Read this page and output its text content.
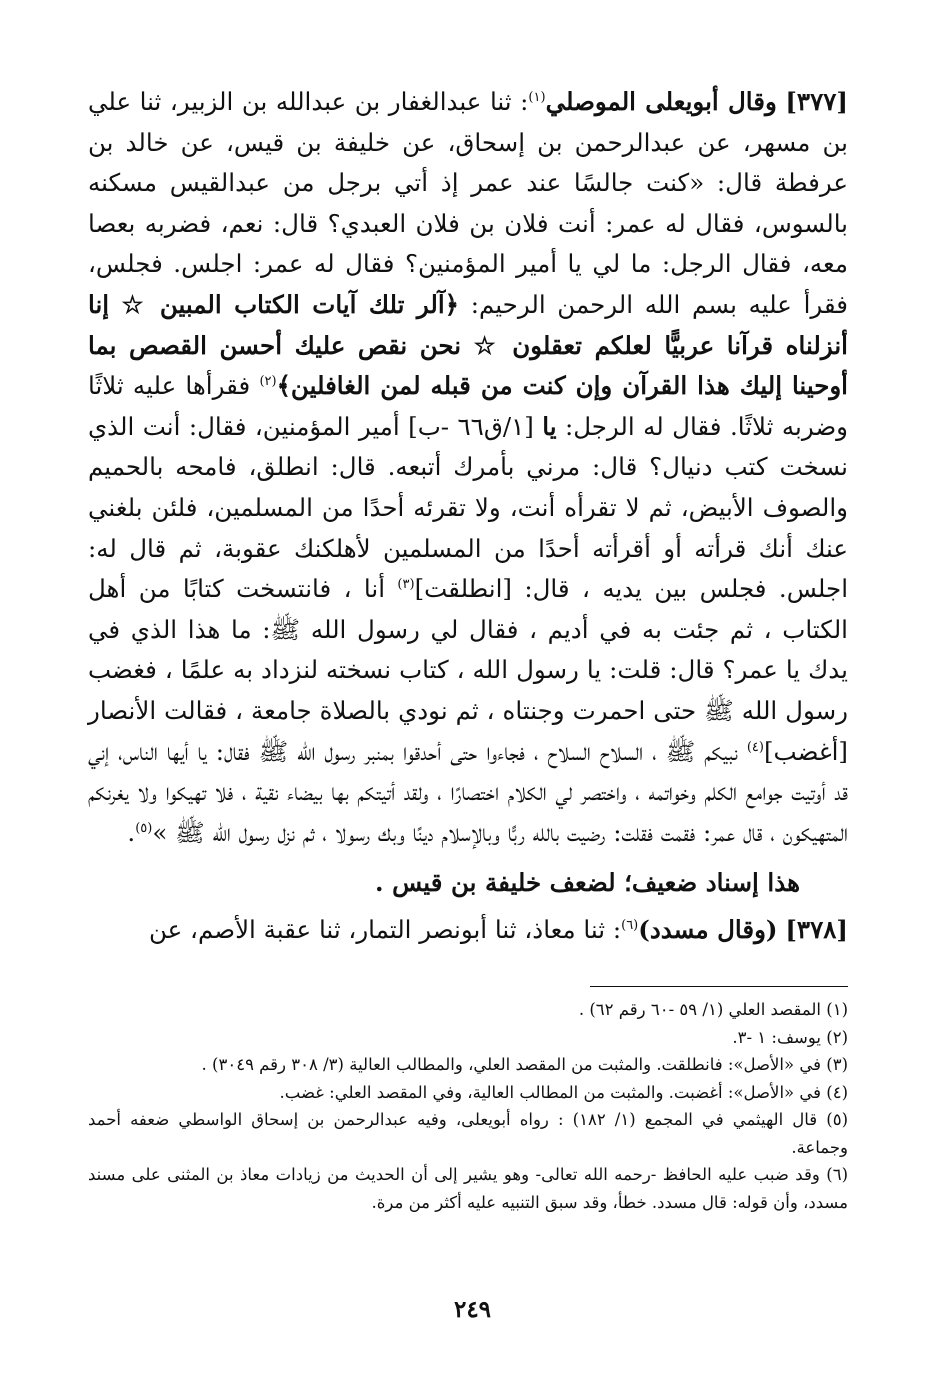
[٣٧٧] وقال أبويعلى الموصلي$^{(١)}$: ثنا عبدالغفار بن عبدالله بن الزبير، ثنا علي بن مسهر، عن عبدالرحمن بن إسحاق، عن خليفة بن قيس، عن خالد بن عرفطة قال: «كنت جالسًا عند عمر إذ أتي برجل من عبدالقيس مسكنه بالسوس، فقال له عمر: أنت فلان بن فلان العبدي؟ قال: نعم، فضربه بعصا معه، فقال الرجل: ما لي يا أمير المؤمنين؟ فقال له عمر: اجلس. فجلس، فقرأ عليه بسم الله الرحمن الرحيم: ﴿آلر تلك آيات الكتاب المبين ☆ إنا أنزلناه قرآنا عربيًّا لعلكم تعقلون ☆ نحن نقص عليك أحسن القصص بما أوحينا إليك هذا القرآن وإن كنت من قبله لمن الغافلين﴾$^{(٢)}$ فقرأها عليه ثلاثًا وضربه ثلاثًا. فقال له الرجل: يا [١/ق٦٦ -ب] أمير المؤمنين، فقال: أنت الذي نسخت كتب دنيال؟ قال: مرني بأمرك أتبعه. قال: انطلق، فامحه بالحميم والصوف الأبيض، ثم لا تقرأه أنت، ولا تقرئه أحدًا من المسلمين، فلئن بلغني عنك أنك قرأته أو أقرأته أحدًا من المسلمين لأهلكنك عقوبة، ثم قال له: اجلس. فجلس بين يديه ، قال: [انطلقت]$^{(٣)}$ أنا ، فانتسخت كتابًا من أهل الكتاب ، ثم جئت به في أديم ، فقال لي رسول الله ﷺ: ما هذا الذي في يدك يا عمر؟ قال: قلت: يا رسول الله ، كتاب نسخته لنزداد به علمًا ، فغضب رسول الله ﷺ حتى احمرت وجنتاه ، ثم نودي بالصلاة جامعة ، فقالت الأنصار [أغضب]$^{(٤)}$ نبيكم ﷺ ، السلاح السلاح ، فجاءوا حتى أحدقوا بمنبر رسول الله ﷺ فقال: يا أيها الناس، إني قد أوتيت جوامع الكلم وخواتمه ، واختصر لي الكلام اختصارًا ، ولقد أتيتكم بها بيضاء نقية ، فلا تهيكوا ولا يغرنكم المتهيكون ، قال عمر: فقمت فقلت: رضيت بالله ربًّا وبالإسلام دينًا وبك رسولا ، ثم نزل رسول الله ﷺ »$^{(٥)}$.

هذا إسناد ضعيف؛ لضعف خليفة بن قيس .

[٣٧٨] (وقال مسدد)$^{(٦)}$: ثنا معاذ، ثنا أبونصر التمار، ثنا عقبة الأصم، عن

(١) المقصد العلي (١/ ٥٩ -٦٠ رقم ٦٢) .

(٢) يوسف: ١ -٣.

(٣) في «الأصل»: فانطلقت. والمثبت من المقصد العلي، والمطالب العالية (٣/ ٣٠٨ رقم ٣٠٤٩) .

(٤) في «الأصل»: أغضبت. والمثبت من المطالب العالية، وفي المقصد العلي: غضب.

(٥) قال الهيثمي في المجمع (١/ ١٨٢) : رواه أبويعلى، وفيه عبدالرحمن بن إسحاق الواسطي ضعفه أحمد وجماعة.

(٦) وقد ضبب عليه الحافظ -رحمه الله تعالى- وهو يشير إلى أن الحديث من زيادات معاذ بن المثنى على مسند مسدد، وأن قوله: قال مسدد. خطأ، وقد سبق التنبيه عليه أكثر من مرة.

٢٤٩
